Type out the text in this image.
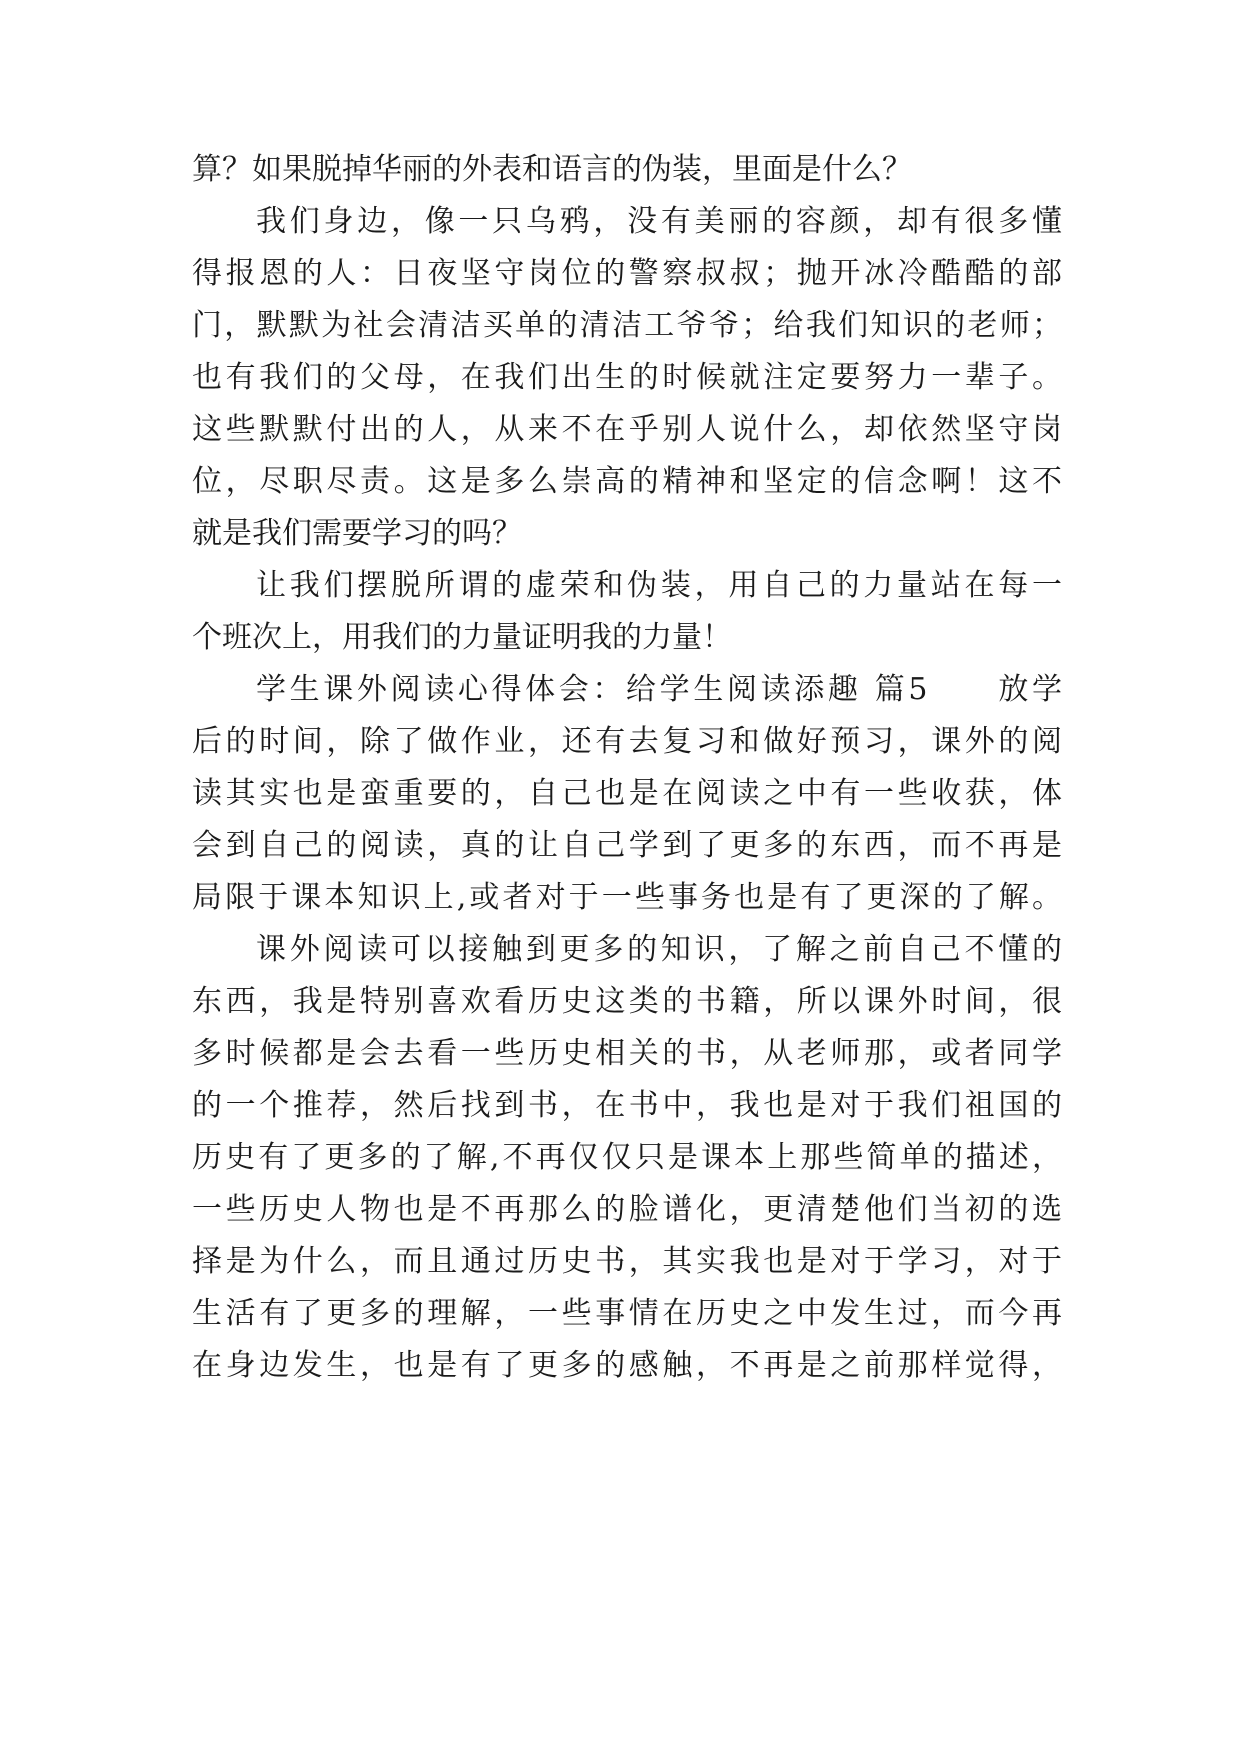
算？如果脱掉华丽的外表和语言的伪装，里面是什么？
我们身边，像一只乌鸦，没有美丽的容颜，却有很多懂
得报恩的人：日夜坚守岗位的警察叔叔；抛开冰冷酷酷的部
门，默默为社会清洁买单的清洁工爷爷；给我们知识的老师；
也有我们的父母，在我们出生的时候就注定要努力一辈子。
这些默默付出的人，从来不在乎别人说什么，却依然坚守岗
位，尽职尽责。这是多么崇高的精神和坚定的信念啊！这不
就是我们需要学习的吗？
让我们摆脱所谓的虚荣和伪装，用自己的力量站在每一
个班次上，用我们的力量证明我的力量！
学生课外阅读心得体会：给学生阅读添趣 篇5　　放学
后的时间，除了做作业，还有去复习和做好预习，课外的阅
读其实也是蛮重要的，自己也是在阅读之中有一些收获，体
会到自己的阅读，真的让自己学到了更多的东西，而不再是
局限于课本知识上,或者对于一些事务也是有了更深的了解。
课外阅读可以接触到更多的知识，了解之前自己不懂的
东西，我是特别喜欢看历史这类的书籍，所以课外时间，很
多时候都是会去看一些历史相关的书，从老师那，或者同学
的一个推荐，然后找到书，在书中，我也是对于我们祖国的
历史有了更多的了解,不再仅仅只是课本上那些简单的描述，
一些历史人物也是不再那么的脸谱化，更清楚他们当初的选
择是为什么，而且通过历史书，其实我也是对于学习，对于
生活有了更多的理解，一些事情在历史之中发生过，而今再
在身边发生，也是有了更多的感触，不再是之前那样觉得，
